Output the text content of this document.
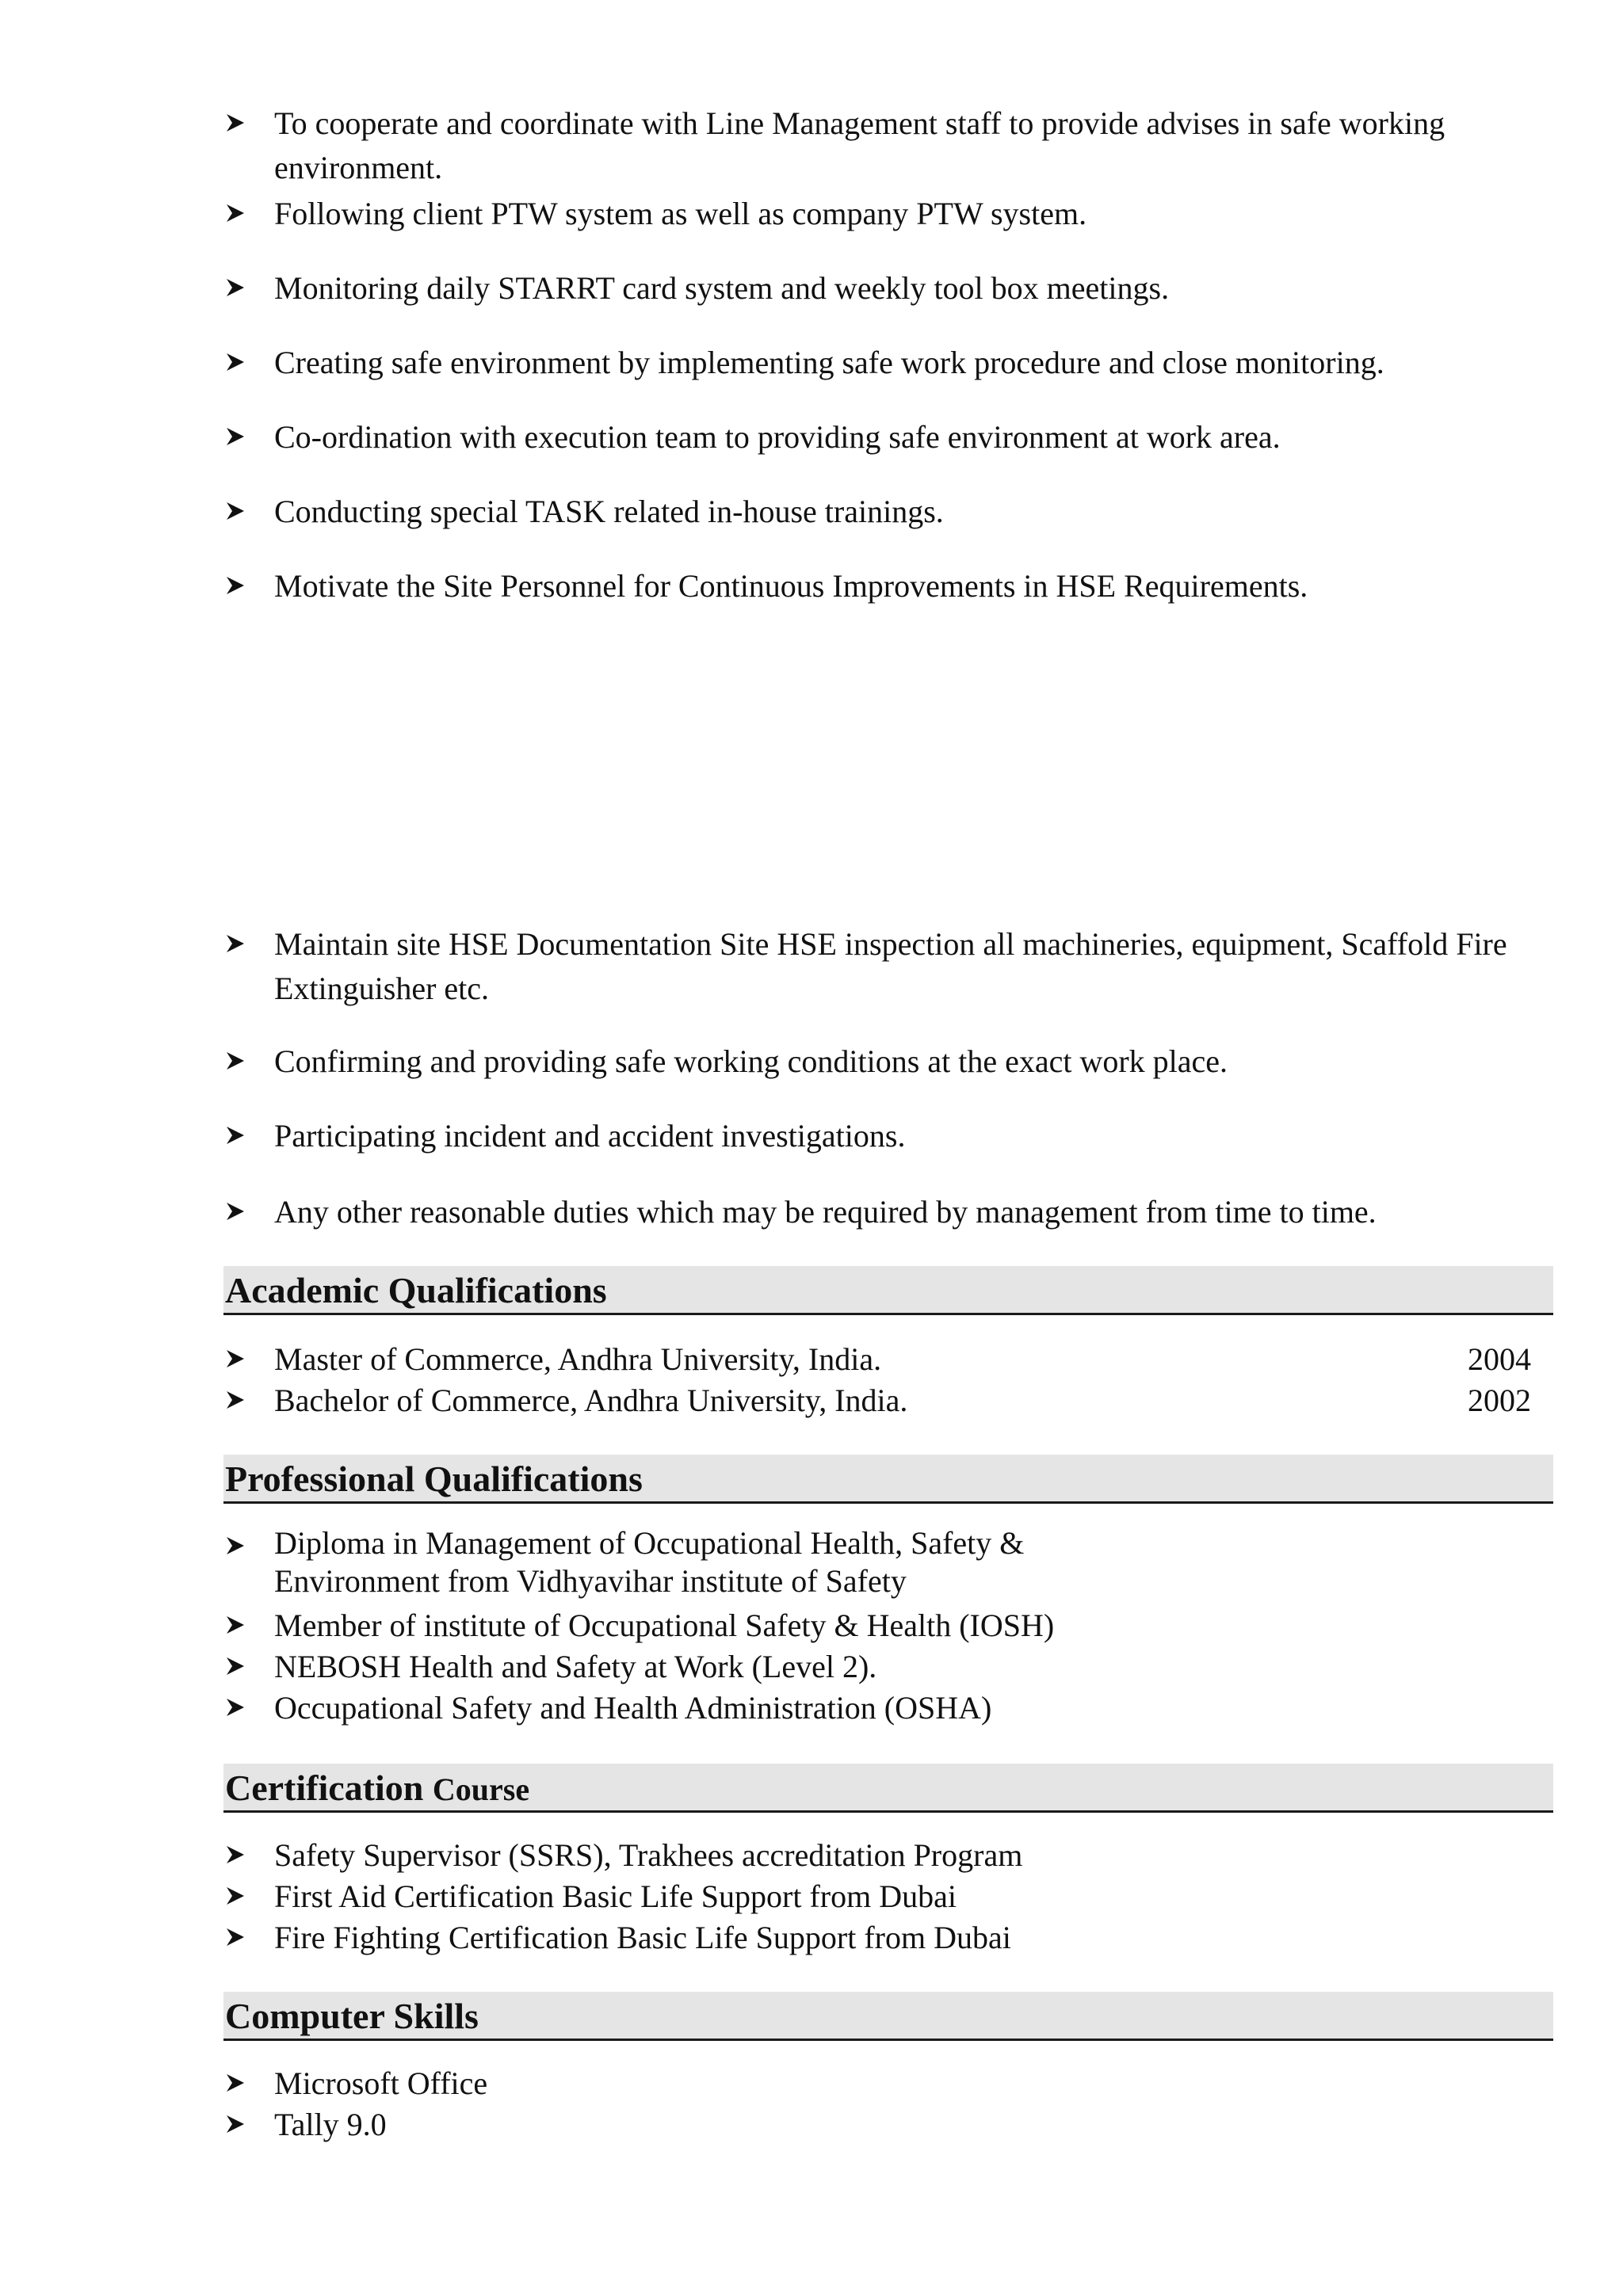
To cooperate and coordinate with Line Management staff to provide advises in safe working environment.
Following client PTW system as well as company PTW system.
Monitoring daily STARRT card system and weekly tool box meetings.
Creating safe environment by implementing safe work procedure and close monitoring.
Co-ordination with execution team to providing safe environment at work area.
Conducting special TASK related in-house trainings.
Motivate the Site Personnel for Continuous Improvements in HSE Requirements.
Maintain site HSE Documentation Site HSE inspection all machineries, equipment, Scaffold Fire Extinguisher etc.
Confirming and providing safe working conditions at the exact work place.
Participating incident and accident investigations.
Any other reasonable duties which may be required by management from time to time.
Academic Qualifications
Master of Commerce, Andhra University, India.	2004
Bachelor of Commerce, Andhra University, India.	2002
Professional Qualifications
Diploma in Management of Occupational Health, Safety & Environment from Vidhyavihar institute of Safety
Member of institute of Occupational Safety & Health (IOSH)
NEBOSH Health and Safety at Work (Level 2).
Occupational Safety and Health Administration (OSHA)
Certification Course
Safety Supervisor (SSRS), Trakhees accreditation Program
First Aid Certification Basic Life Support from Dubai
Fire Fighting Certification Basic Life Support from Dubai
Computer Skills
Microsoft Office
Tally 9.0
